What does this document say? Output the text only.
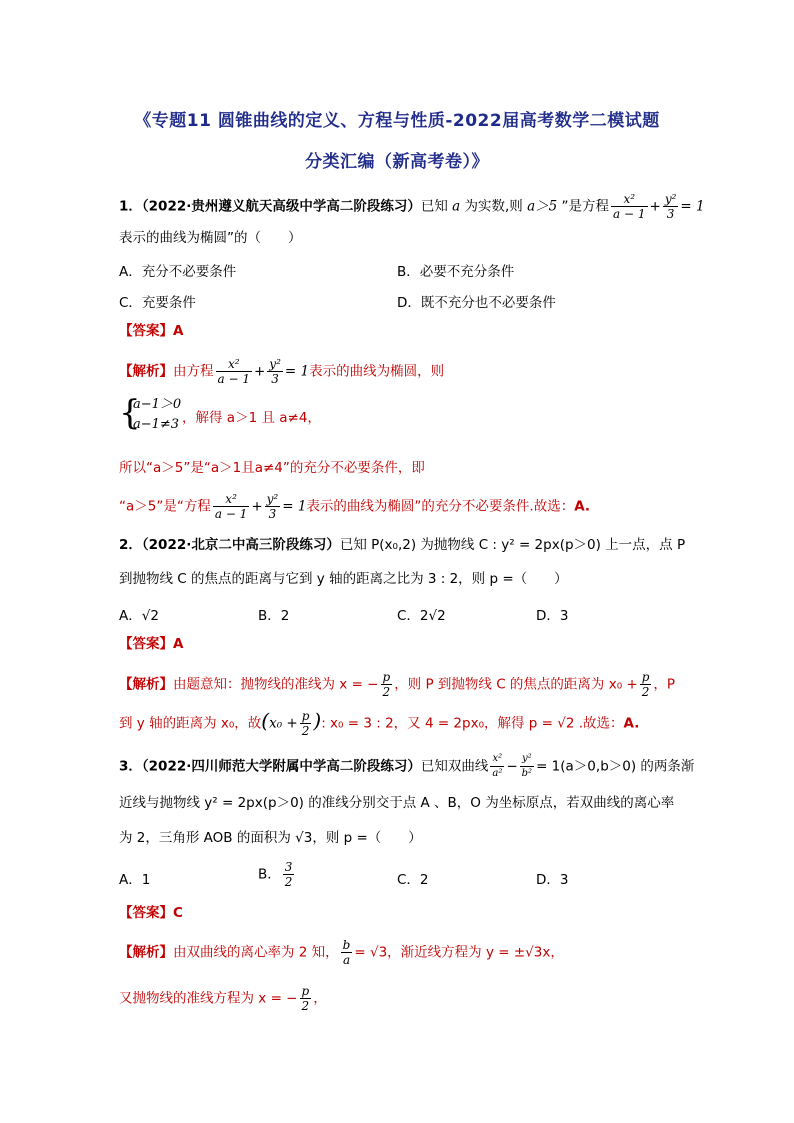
《专题11 圆锥曲线的定义、方程与性质-2022届高考数学二模试题
分类汇编（新高考卷）》
1．（2022·贵州遵义航天高级中学高二阶段练习）已知 a 为实数,则 a＞5 ”是方程 $\frac{\text{x²}}{a - 1} + \frac{\text{y²}}{3} = 1$
表示的曲线为椭圆”的（　　）
A．充分不必要条件	B．必要不充分条件
C．充要条件	D．既不充分也不必要条件
【答案】A
【解析】由方程 $\frac{\text{x²}}{a - 1} + \frac{\text{y²}}{3} = 1$表示的曲线为椭圆，则
{
a−1＞0
a−1≠3 ，解得 a＞1 且 a≠4，
所以“a＞5”是“a＞1且a≠4”的充分不必要条件，即
“a＞5”是“方程 $\frac{\text{x²}}{a - 1} + \frac{\text{y²}}{3} = 1$表示的曲线为椭圆”的充分不必要条件.故选：A.
2．（2022·北京二中高三阶段练习）已知 P(x₀,2) 为抛物线 C : y² = 2px(p＞0) 上一点，点 P
到抛物线 C 的焦点的距离与它到 y 轴的距离之比为 3 : 2，则 p =（　　）
A．√2	B．2	C．2√2	D．3
【答案】A
【解析】由题意知：抛物线的准线为 x = − $\frac{p}{2}$ ，则 P 到抛物线 C 的焦点的距离为 $x_0 + \frac{p}{2}$ ，P
到 y 轴的距离为 x₀，故($x_0 + \frac{p}{2}$ ): x₀ = 3 : 2，又 4 = 2px₀，解得 p = √2 .故选：A.
3．（2022·四川师范大学附属中学高二阶段练习）已知双曲线 $\frac{\text{x²}}{\text{a²}} - \frac{\text{y²}}{\text{b²}} = 1(a>0,b>0)$ 的两条渐
近线与抛物线 y² = 2px(p＞0) 的准线分别交于点 A 、B，O 为坐标原点，若双曲线的离心率
为 2，三角形 AOB 的面积为 √3，则 p =（　　）
A．1	B． $\frac{3}{2}$	C．2	D．3
【答案】C
【解析】由双曲线的离心率为 2 知， $\frac{b}{a} = √3$，渐近线方程为 y = ±√3x，
又抛物线的准线方程为 x = − $\frac{p}{2}$ ，
